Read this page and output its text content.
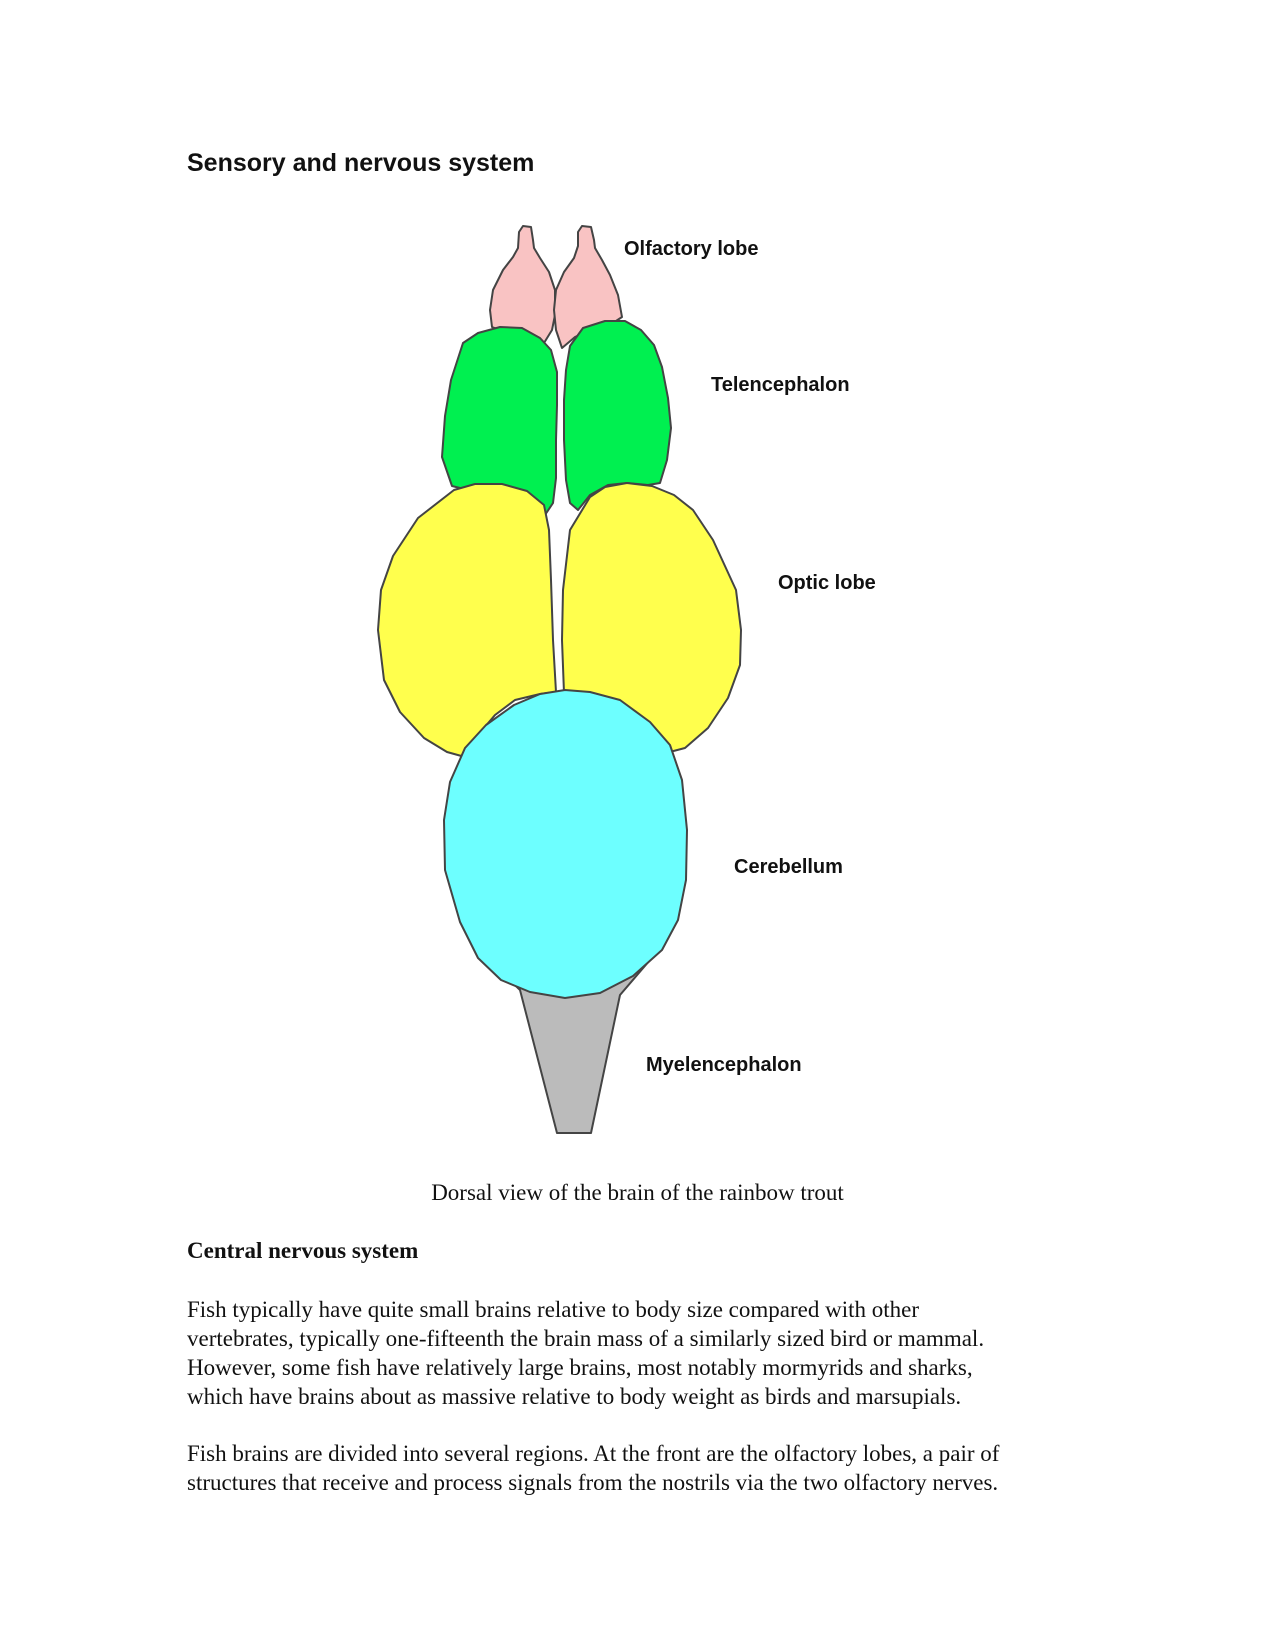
Sensory and nervous system
Olfactory lobe
Telencephalon
Optic lobe
Cerebellum
Myelencephalon

Dorsal view of the brain of the rainbow trout

Central nervous system

Fish typically have quite small brains relative to body size compared with other
vertebrates, typically one-fifteenth the brain mass of a similarly sized bird or mammal.
However, some fish have relatively large brains, most notably mormyrids and sharks,
which have brains about as massive relative to body weight as birds and marsupials.

Fish brains are divided into several regions. At the front are the olfactory lobes, a pair of
structures that receive and process signals from the nostrils via the two olfactory nerves.
